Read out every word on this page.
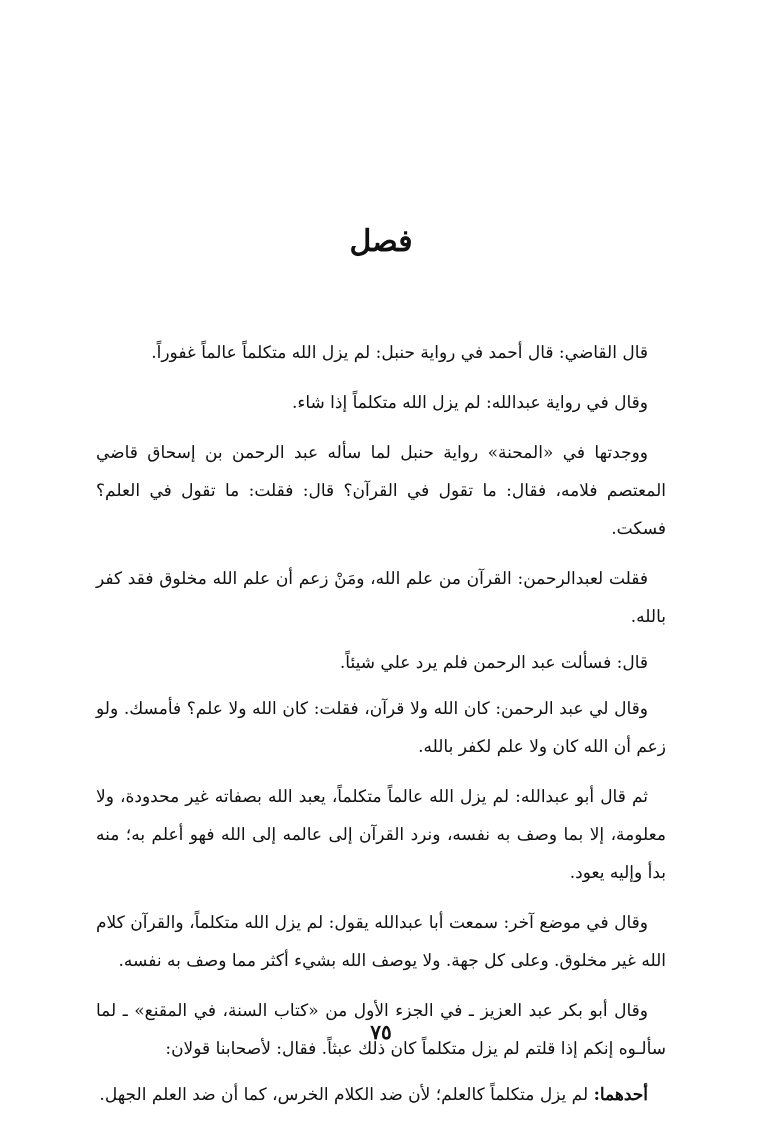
فصل

قال القاضي: قال أحمد في رواية حنبل: لم يزل الله متكلماً عالماً غفوراً.

وقال في رواية عبدالله: لم يزل الله متكلماً إذا شاء.

ووجدتها في «المحنة» رواية حنبل لما سأله عبد الرحمن بن إسحاق قاضي المعتصم فلامه، فقال: ما تقول في القرآن؟ قال: فقلت: ما تقول في العلم؟ فسكت.

فقلت لعبدالرحمن: القرآن من علم الله، ومَنْ زعم أن علم الله مخلوق فقد كفر بالله.

قال: فسألت عبد الرحمن فلم يرد علي شيئاً.

وقال لي عبد الرحمن: كان الله ولا قرآن، فقلت: كان الله ولا علم؟ فأمسك. ولو زعم أن الله كان ولا علم لكفر بالله.

ثم قال أبو عبدالله: لم يزل الله عالماً متكلماً، يعبد الله بصفاته غير محدودة، ولا معلومة، إلا بما وصف به نفسه، ونرد القرآن إلى عالمه إلى الله فهو أعلم به؛ منه بدأ وإليه يعود.

وقال في موضع آخر: سمعت أبا عبدالله يقول: لم يزل الله متكلماً، والقرآن كلام الله غير مخلوق. وعلى كل جهة. ولا يوصف الله بشيء أكثر مما وصف به نفسه.

وقال أبو بكر عبد العزيز ـ في الجزء الأول من «كتاب السنة، في المقنع» ـ لما سألـوه إنكم إذا قلتم لم يزل متكلماً كان ذلك عبثاً. فقال: لأصحابنا قولان:

أحدهما: لم يزل متكلماً كالعلم؛ لأن ضد الكلام الخرس، كما أن ضد العلم الجهل.

٧٥
